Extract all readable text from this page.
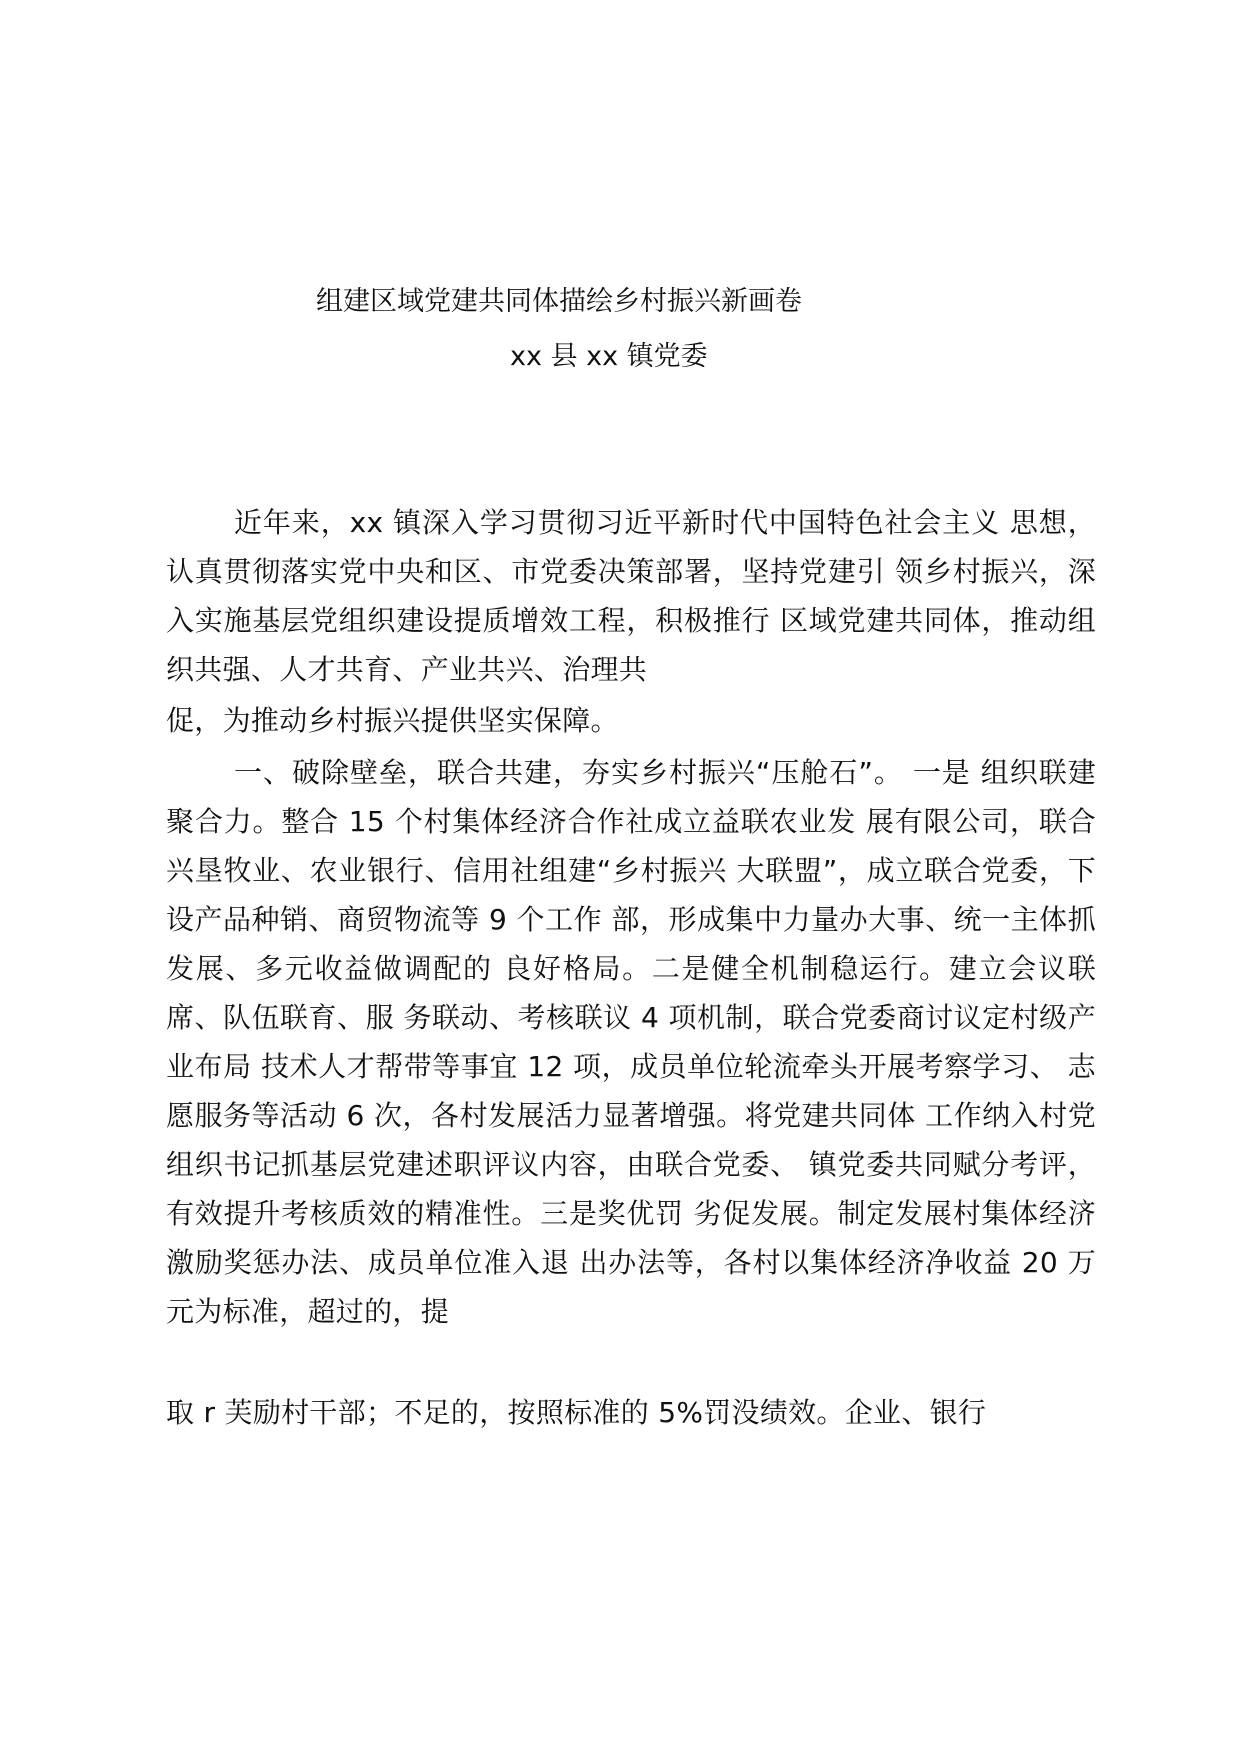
组建区域党建共同体描绘乡村振兴新画卷
xx 县 xx 镇党委
近年来，xx 镇深入学习贯彻习近平新时代中国特色社会主义 思想，认真贯彻落实党中央和区、市党委决策部署，坚持党建引 领乡村振兴，深入实施基层党组织建设提质增效工程，积极推行 区域党建共同体，推动组织共强、人才共育、产业共兴、治理共
促，为推动乡村振兴提供坚实保障。
一、破除壁垒，联合共建，夯实乡村振兴“压舱石”。 一是 组织联建聚合力。整合 15 个村集体经济合作社成立益联农业发 展有限公司，联合兴垦牧业、农业银行、信用社组建“乡村振兴 大联盟”，成立联合党委，下设产品种销、商贸物流等 9 个工作 部，形成集中力量办大事、统一主体抓发展、多元收益做调配的 良好格局。二是健全机制稳运行。建立会议联席、队伍联育、服 务联动、考核联议 4 项机制，联合党委商讨议定村级产业布局 技术人才帮带等事宜 12 项，成员单位轮流牵头开展考察学习、 志愿服务等活动 6 次，各村发展活力显著增强。将党建共同体 工作纳入村党组织书记抓基层党建述职评议内容，由联合党委、 镇党委共同赋分考评，有效提升考核质效的精准性。三是奖优罚 劣促发展。制定发展村集体经济激励奖惩办法、成员单位准入退 出办法等，各村以集体经济净收益 20 万元为标准，超过的，提
取 r 芙励村干部；不足的，按照标准的 5%罚没绩效。企业、银行
